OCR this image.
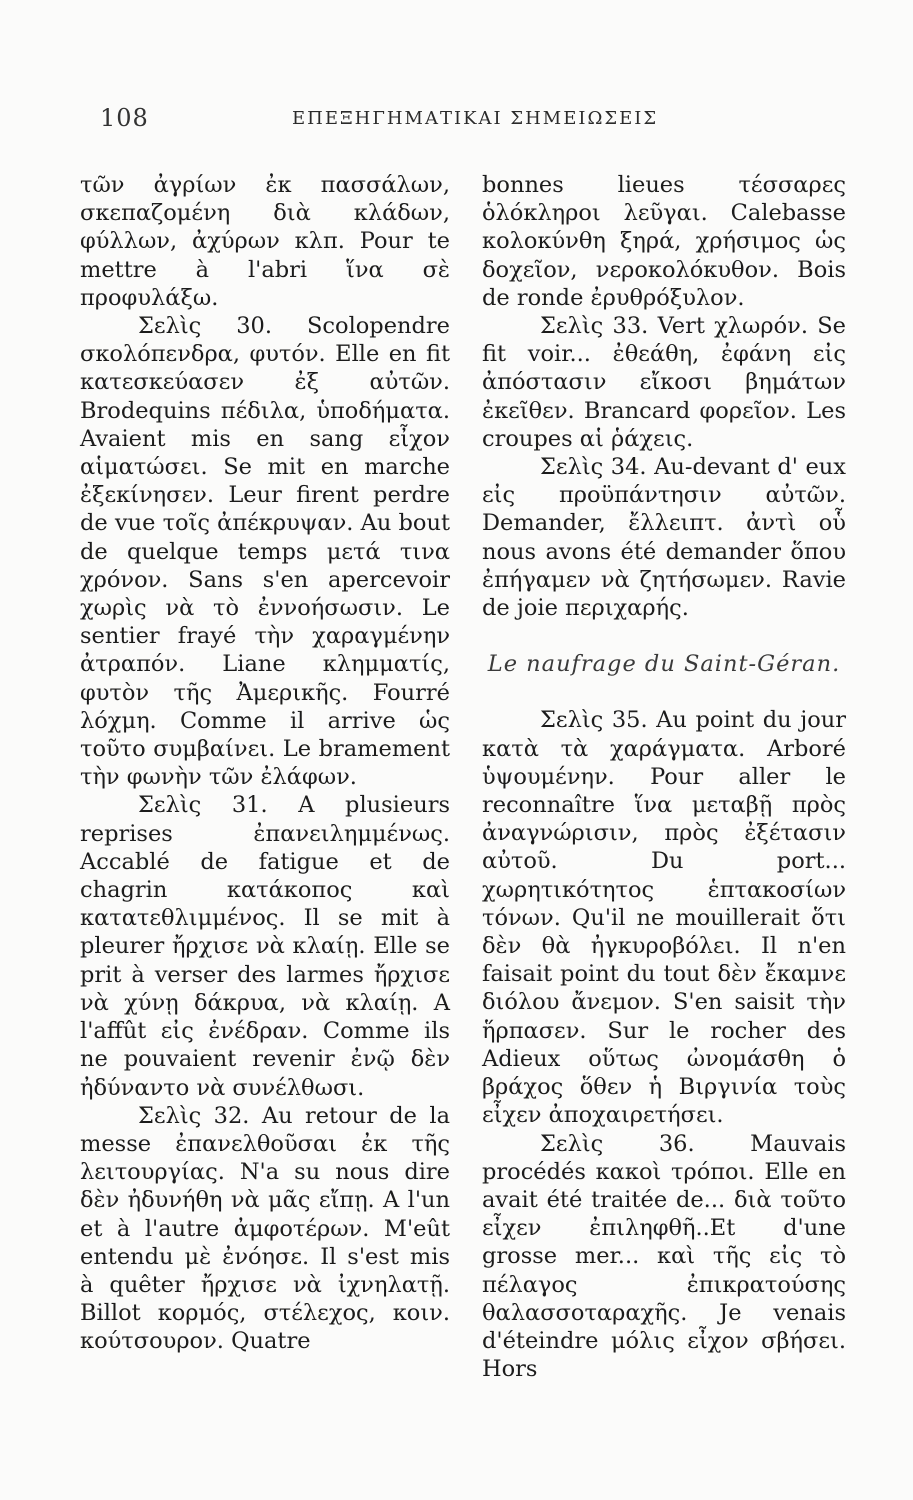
108	ΕΠΕΞΗΓΗΜΑΤΙΚΑΙ ΣΗΜΕΙΩΣΕΙΣ

τῶν ἀγρίων ἐκ πασσάλων, σκεπαζομένη διὰ κλάδων, φύλλων, ἀχύρων κλπ. Pour te mettre à l'abri ἵνα σὲ προφυλάξω.

Σελὶς 30. Scolopendre σκολόπενδρα, φυτόν. Elle en fit κατεσκεύασεν ἐξ αὐτῶν. Brodequins πέδιλα, ὑποδήματα. Avaient mis en sang εἶχον αἱματώσει. Se mit en marche ἐξεκίνησεν. Leur firent perdre de vue τοῖς ἀπέκρυψαν. Au bout de quelque temps μετά τινα χρόνον. Sans s'en apercevoir χωρὶς νὰ τὸ ἐννοήσωσιν. Le sentier frayé τὴν χαραγμένην ἀτραπόν. Liane κλημματίς, φυτὸν τῆς Ἀμερικῆς. Fourré λόχμη. Comme il arrive ὡς τοῦτο συμβαίνει. Le bramement τὴν φωνὴν τῶν ἐλάφων.

Σελὶς 31. A plusieurs reprises ἐπανειλημμένως. Accablé de fatigue et de chagrin κατάκοπος καὶ κατατεθλιμμένος. Il se mit à pleurer ἤρχισε νὰ κλαίῃ. Elle se prit à verser des larmes ἤρχισε νὰ χύνῃ δάκρυα, νὰ κλαίῃ. A l'affût εἰς ἐνέδραν. Comme ils ne pouvaient revenir ἐνῷ δὲν ἠδύναντο νὰ συνέλθωσι.

Σελὶς 32. Au retour de la messe ἐπανελθοῦσαι ἐκ τῆς λειτουργίας. N'a su nous dire δὲν ἠδυνήθη νὰ μᾶς εἴπῃ. A l'un et à l'autre ἀμφοτέρων. M'eût entendu μὲ ἐνόησε. Il s'est mis à quêter ἤρχισε νὰ ἰχνηλατῇ. Billot κορμός, στέλεχος, κοιν. κούτσουρον. Quatre

bonnes lieues τέσσαρες ὁλόκληροι λεῦγαι. Calebasse κολοκύνθη ξηρά, χρήσιμος ὡς δοχεῖον, νεροκολόκυθον. Bois de ronde ἐρυθρόξυλον.

Σελὶς 33. Vert χλωρόν. Se fit voir... ἐθεάθη, ἐφάνη εἰς ἀπόστασιν εἴκοσι βημάτων ἐκεῖθεν. Brancard φορεῖον. Les croupes αἱ ῥάχεις.

Σελὶς 34. Au-devant d' eux εἰς προϋπάντησιν αὐτῶν. Demander, ἔλλειπτ. ἀντὶ οὗ nous avons été demander ὅπου ἐπήγαμεν νὰ ζητήσωμεν. Ravie de joie περιχαρής.

Le naufrage du Saint-Géran.

Σελὶς 35. Au point du jour κατὰ τὰ χαράγματα. Arboré ὑψουμένην. Pour aller le reconnaître ἵνα μεταβῇ πρὸς ἀναγνώρισιν, πρὸς ἐξέτασιν αὐτοῦ. Du port... χωρητικότητος ἑπτακοσίων τόνων. Qu'il ne mouillerait ὅτι δὲν θὰ ἠγκυροβόλει. Il n'en faisait point du tout δὲν ἔκαμνε διόλου ἄνεμον. S'en saisit τὴν ἥρπασεν. Sur le rocher des Adieux οὕτως ὠνομάσθη ὁ βράχος ὅθεν ἡ Βιργινία τοὺς εἶχεν ἀποχαιρετήσει.

Σελὶς 36. Mauvais procédés κακοὶ τρόποι. Elle en avait été traitée de... διὰ τοῦτο εἶχεν ἐπιληφθῆ..Et d'une grosse mer... καὶ τῆς εἰς τὸ πέλαγος ἐπικρατούσης θαλασσοταραχῆς. Je venais d'éteindre μόλις εἶχον σβήσει. Hors
